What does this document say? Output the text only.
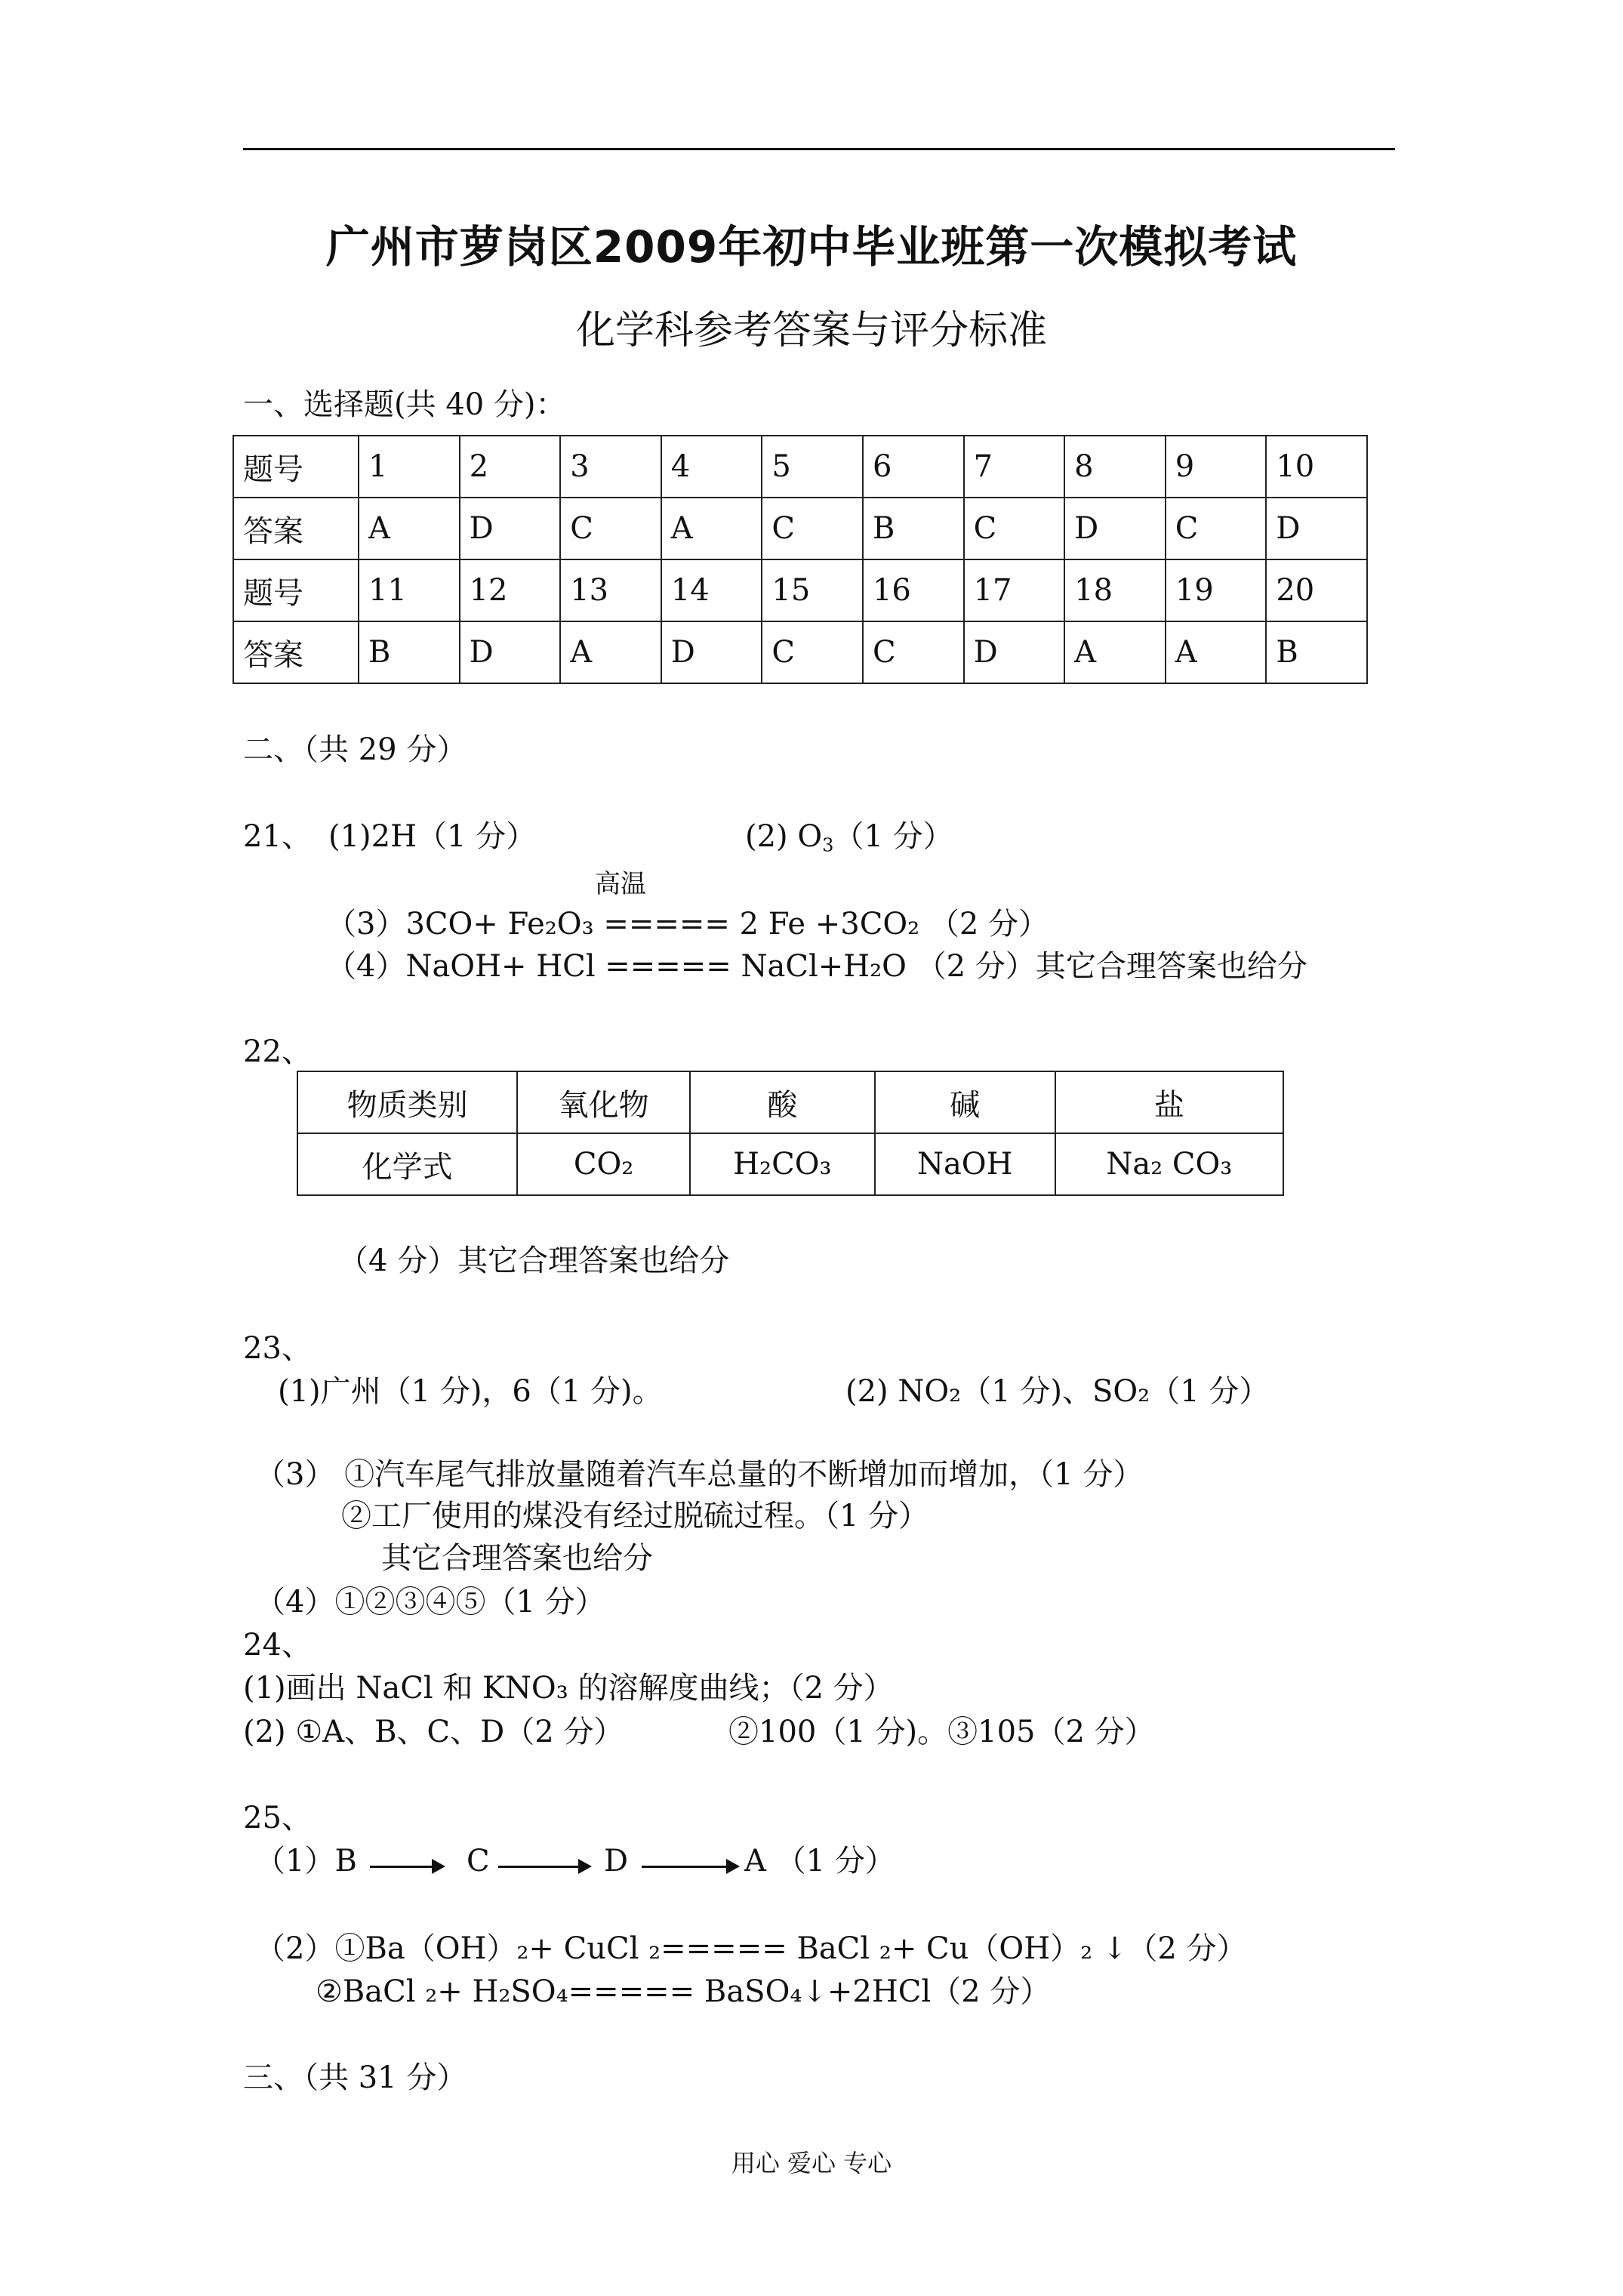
广州市萝岗区2009年初中毕业班第一次模拟考试
化学科参考答案与评分标准
一、选择题(共 40 分)：
题号	1	2	3	4	5	6	7	8	9	10
答案	A	D	C	A	C	B	C	D	C	D
题号	11	12	13	14	15	16	17	18	19	20
答案	B	D	A	D	C	C	D	A	A	B
二、（共 29 分）
21、 (1)2H（1 分）	(2) $O_3(1$ 分）
高温
（3）3CO+ Fe₂O₃ ===== 2 Fe +3CO₂ （2 分）
（4）NaOH+ HCl ===== NaCl+H₂O （2 分）其它合理答案也给分
22、
物质类别	氧化物	酸	碱	盐
化学式	CO₂	H₂CO₃	NaOH	Na₂ CO₃
（4 分）其它合理答案也给分
23、
(1)广州（1 分)，6（1 分)。	(2) NO₂（1 分)、SO₂（1 分）
（3） ①汽车尾气排放量随着汽车总量的不断增加而增加，（1 分）
②工厂使用的煤没有经过脱硫过程。（1 分）
其它合理答案也给分
（4）①②③④⑤（1 分）
24、
(1)画出 NaCl 和 KNO₃ 的溶解度曲线；（2 分）
(2) ①A、B、C、D（2 分）	②100（1 分)。③105（2 分）
25、
（1）B	C	D	A （1 分）
（2）①Ba（OH）₂+ CuCl ₂===== BaCl ₂+ Cu（OH）₂ ↓（2 分）
②BaCl ₂+ H₂SO₄===== BaSO₄↓+2HCl（2 分）
三、（共 31 分）
用心 爱心 专心
